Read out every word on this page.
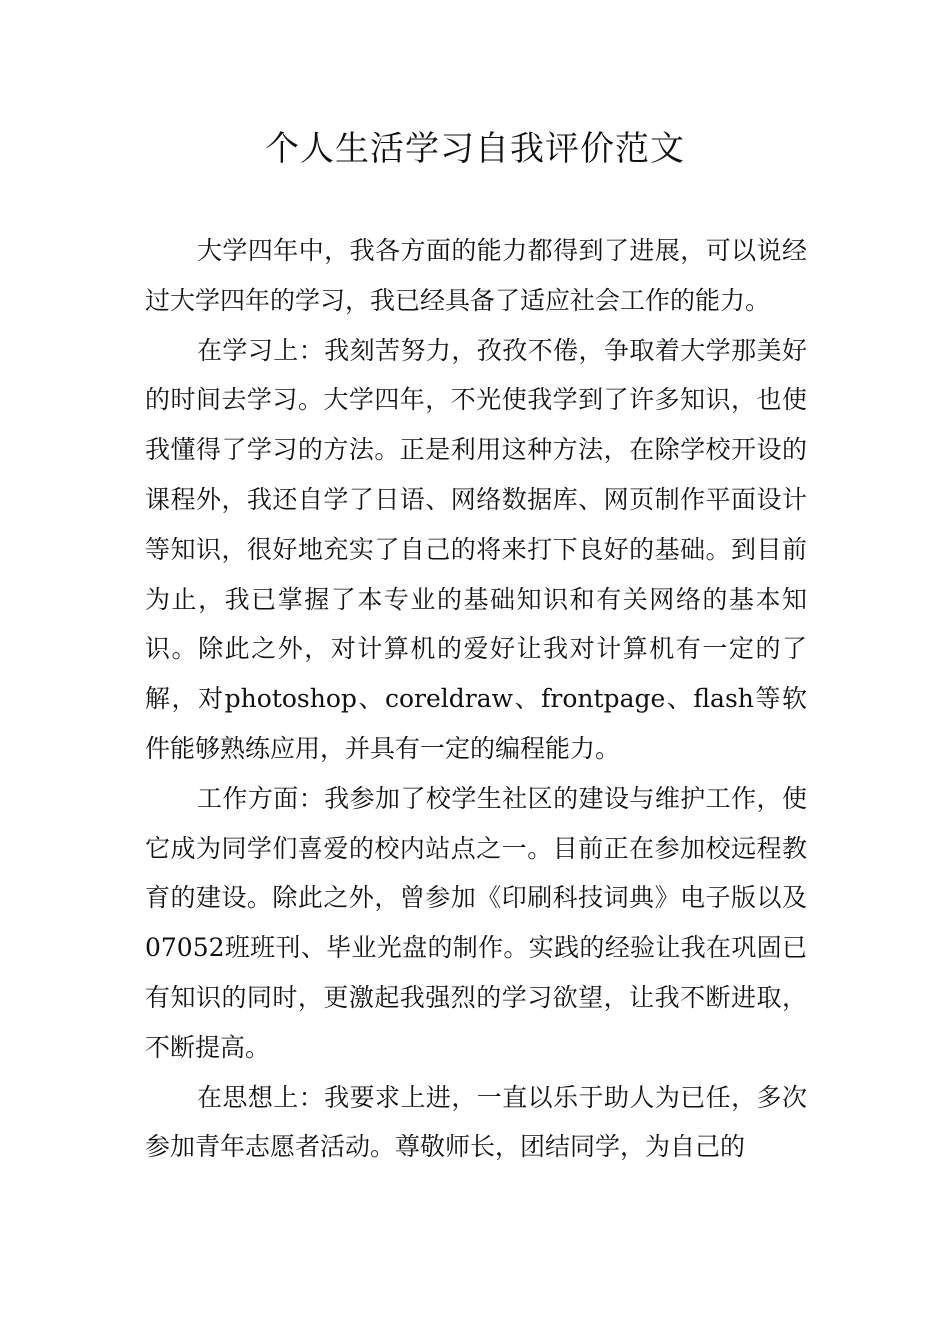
个人生活学习自我评价范文

大学四年中，我各方面的能力都得到了进展，可以说经过大学四年的学习，我已经具备了适应社会工作的能力。

在学习上：我刻苦努力，孜孜不倦，争取着大学那美好的时间去学习。大学四年，不光使我学到了许多知识，也使我懂得了学习的方法。正是利用这种方法，在除学校开设的课程外，我还自学了日语、网络数据库、网页制作平面设计等知识，很好地充实了自己的将来打下良好的基础。到目前为止，我已掌握了本专业的基础知识和有关网络的基本知识。除此之外，对计算机的爱好让我对计算机有一定的了解，对photoshop、coreldraw、frontpage、flash等软件能够熟练应用，并具有一定的编程能力。

工作方面：我参加了校学生社区的建设与维护工作，使它成为同学们喜爱的校内站点之一。目前正在参加校远程教育的建设。除此之外，曾参加《印刷科技词典》电子版以及07052班班刊、毕业光盘的制作。实践的经验让我在巩固已有知识的同时，更激起我强烈的学习欲望，让我不断进取，不断提高。

在思想上：我要求上进，一直以乐于助人为已任，多次参加青年志愿者活动。尊敬师长，团结同学，为自己的
